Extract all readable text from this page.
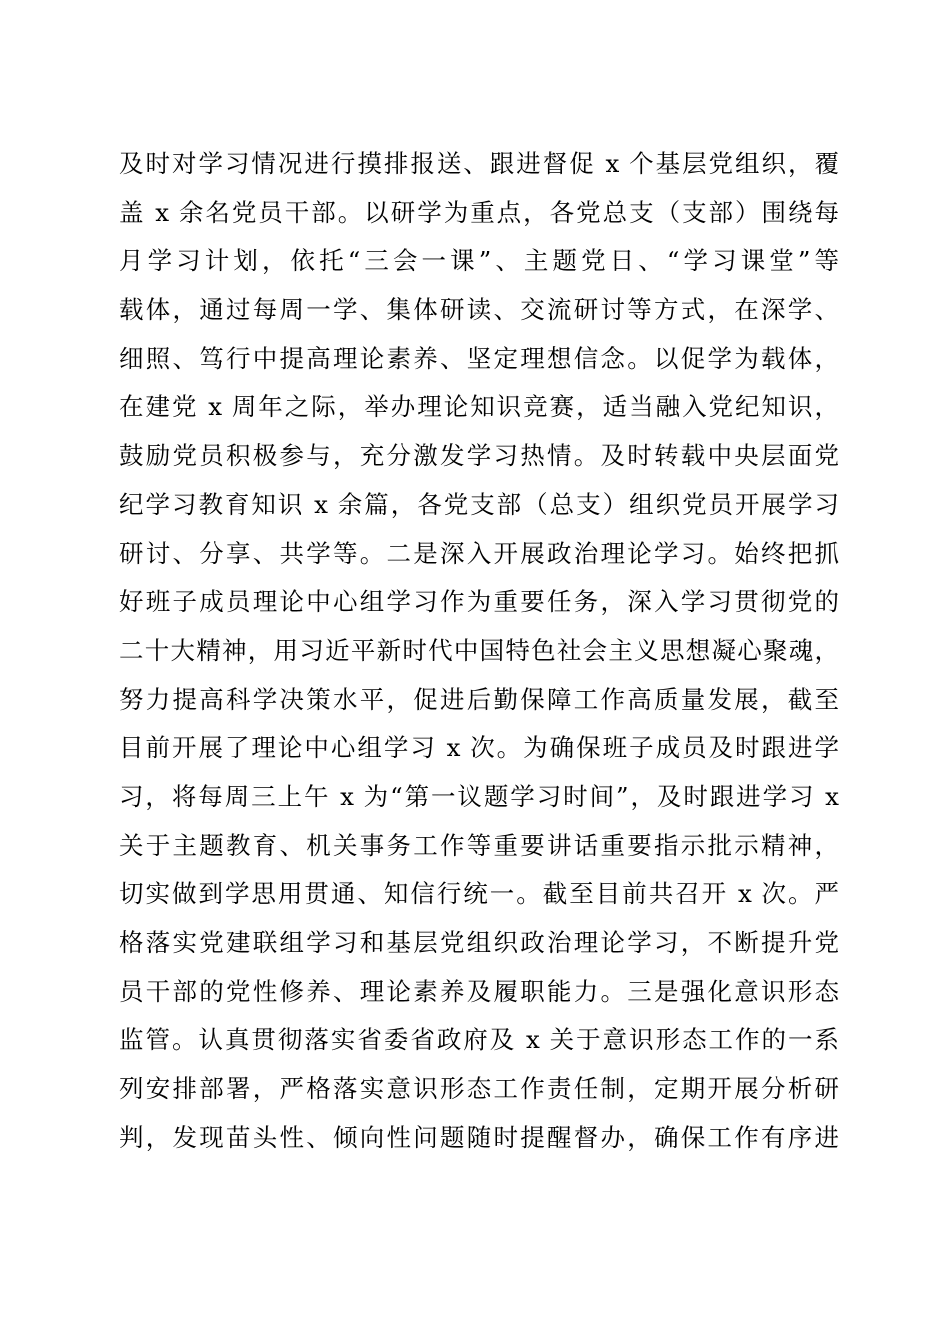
及时对学习情况进行摸排报送、跟进督促 x 个基层党组织，覆
盖 x 余名党员干部。以研学为重点，各党总支（支部）围绕每
月学习计划，依托“三会一课”、主题党日、“学习课堂”等
载体，通过每周一学、集体研读、交流研讨等方式，在深学、
细照、笃行中提高理论素养、坚定理想信念。以促学为载体，
在建党 x 周年之际，举办理论知识竞赛，适当融入党纪知识，
鼓励党员积极参与，充分激发学习热情。及时转载中央层面党
纪学习教育知识 x 余篇，各党支部（总支）组织党员开展学习
研讨、分享、共学等。二是深入开展政治理论学习。始终把抓
好班子成员理论中心组学习作为重要任务，深入学习贯彻党的
二十大精神，用习近平新时代中国特色社会主义思想凝心聚魂，
努力提高科学决策水平，促进后勤保障工作高质量发展，截至
目前开展了理论中心组学习 x 次。为确保班子成员及时跟进学
习，将每周三上午 x 为“第一议题学习时间”，及时跟进学习 x
关于主题教育、机关事务工作等重要讲话重要指示批示精神，
切实做到学思用贯通、知信行统一。截至目前共召开 x 次。严
格落实党建联组学习和基层党组织政治理论学习，不断提升党
员干部的党性修养、理论素养及履职能力。三是强化意识形态
监管。认真贯彻落实省委省政府及 x 关于意识形态工作的一系
列安排部署，严格落实意识形态工作责任制，定期开展分析研
判，发现苗头性、倾向性问题随时提醒督办，确保工作有序进
